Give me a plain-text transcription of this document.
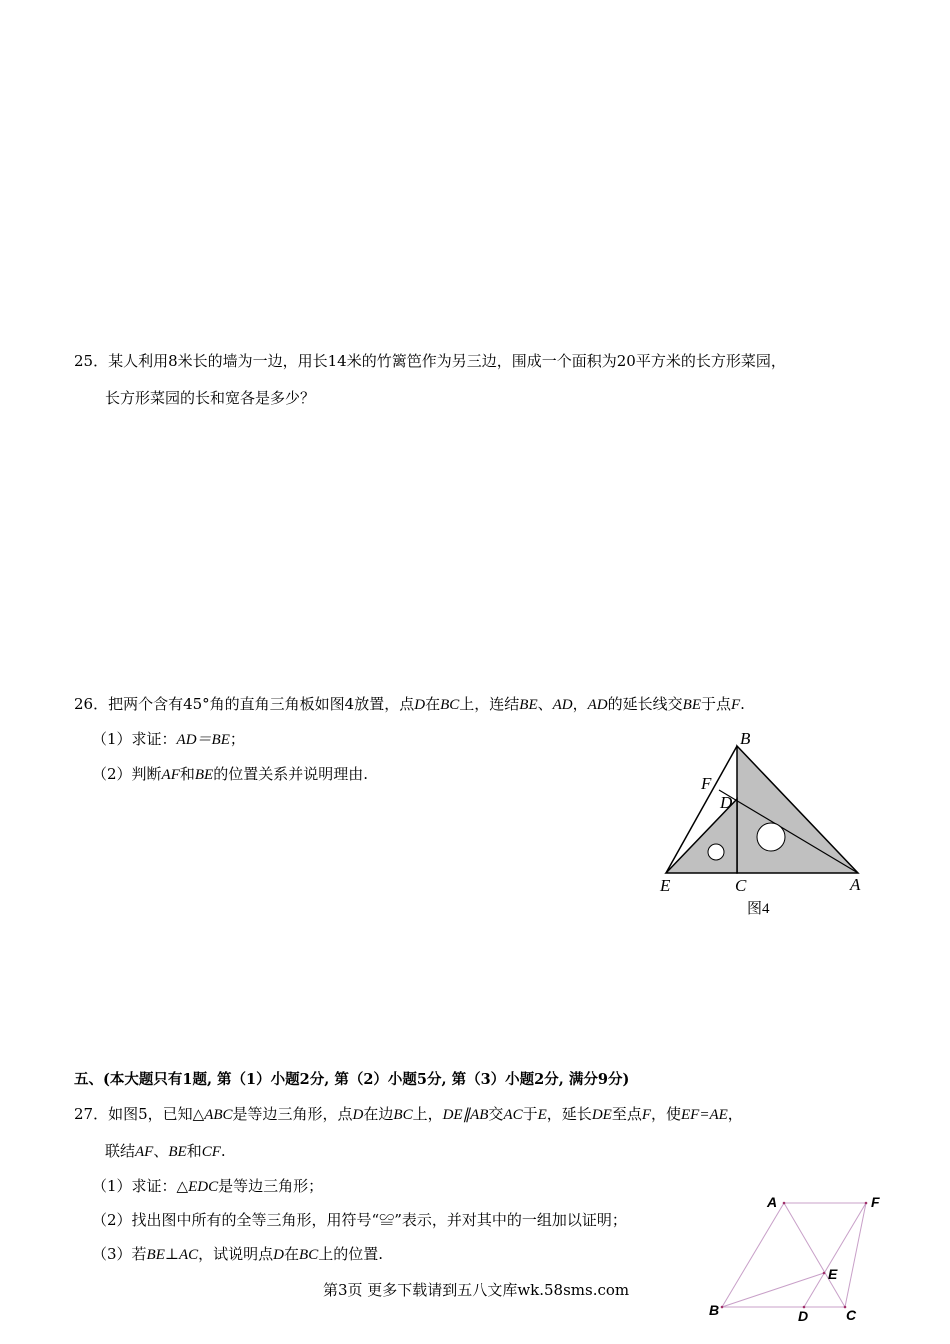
25．某人利用8米长的墙为一边，用长14米的竹篱笆作为另三边，围成一个面积为20平方米的长方形菜园，
长方形菜园的长和宽各是多少？
26．把两个含有45°角的直角三角板如图4放置，点D在BC上，连结BE、AD，AD的延长线交BE于点F.
（1）求证：AD＝BE；
（2）判断AF和BE的位置关系并说明理由.
B
F
D
E	C	A
图4
五、(本大题只有1题, 第（1）小题2分, 第（2）小题5分, 第（3）小题2分, 满分9分)
27．如图5，已知△ABC是等边三角形，点D在边BC上，DE∥AB交AC于E，延长DE至点F，使EF=AE，
联结AF、BE和CF.
（1）求证：△EDC是等边三角形；
（2）找出图中所有的全等三角形，用符号“≌”表示，并对其中的一组加以证明；
（3）若BE⊥AC，试说明点D在BC上的位置.
A	F
E
B	D	C
第3页 更多下载请到五八文库wk.58sms.com
